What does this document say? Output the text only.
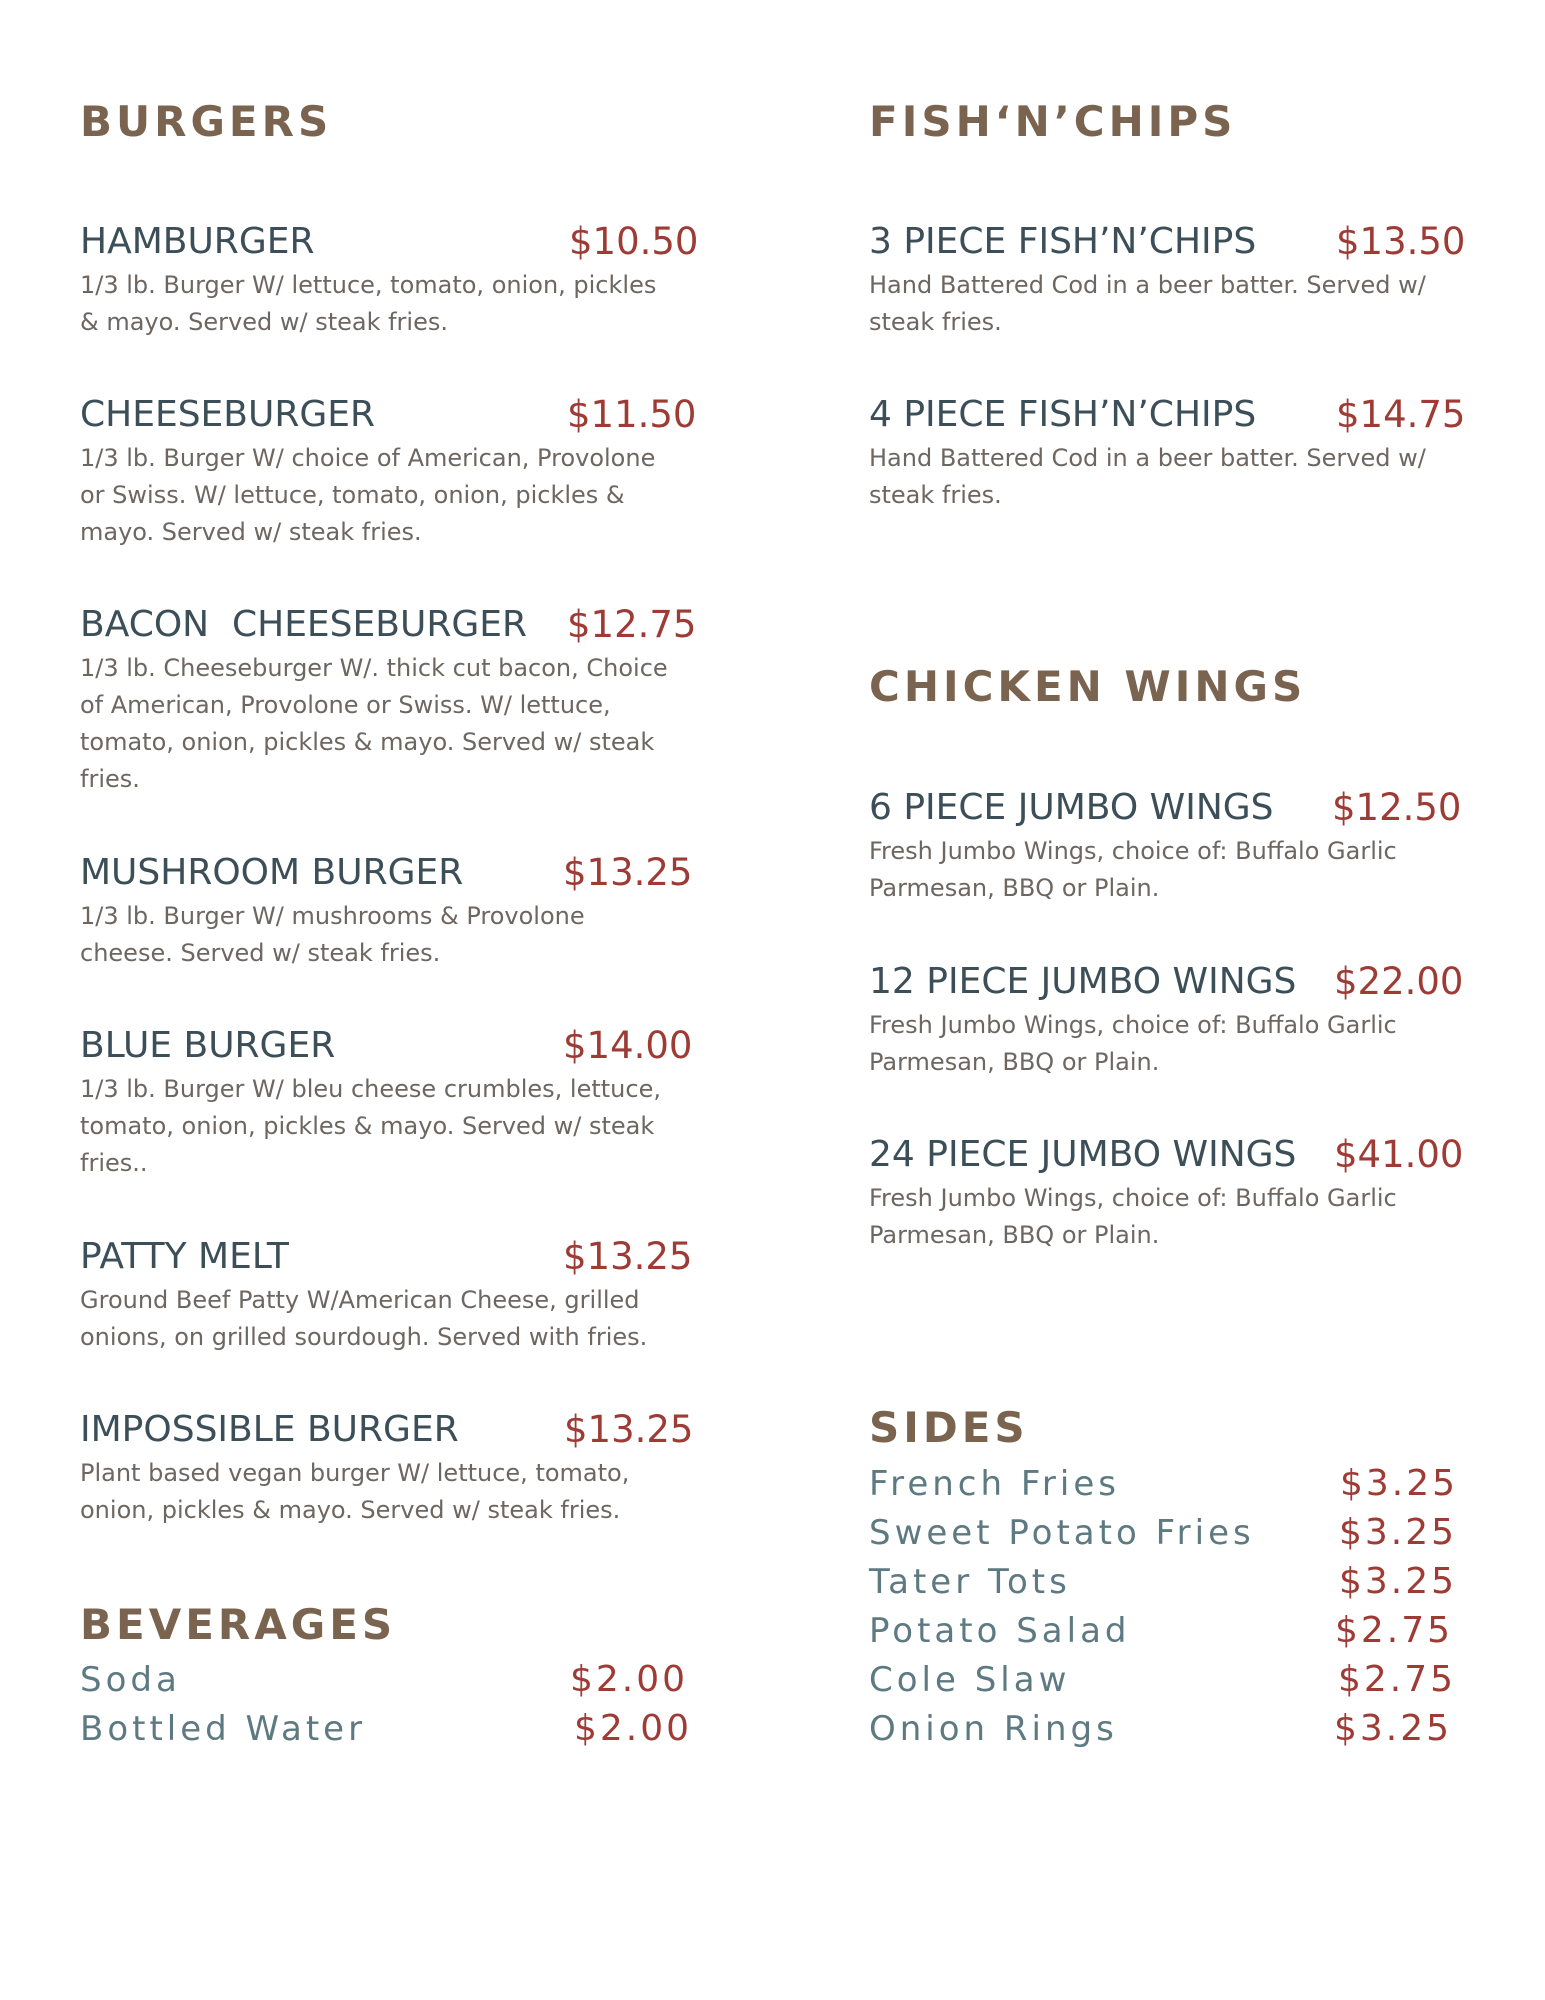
BURGERS
HAMBURGER	$10.50
1/3 lb. Burger W/ lettuce, tomato, onion, pickles & mayo. Served w/ steak fries.
CHEESEBURGER	$11.50
1/3 lb. Burger W/ choice of American, Provolone or Swiss. W/ lettuce, tomato, onion, pickles & mayo. Served w/ steak fries.
BACON  CHEESEBURGER $12.75
1/3 lb. Cheeseburger W/. thick cut bacon, Choice of American, Provolone or Swiss. W/ lettuce, tomato, onion, pickles & mayo. Served w/ steak fries.
MUSHROOM BURGER	$13.25
1/3 lb. Burger W/ mushrooms & Provolone cheese. Served w/ steak fries.
BLUE BURGER	$14.00
1/3 lb. Burger W/ bleu cheese crumbles, lettuce, tomato, onion, pickles & mayo. Served w/ steak fries..
PATTY MELT	$13.25
Ground Beef Patty W/American Cheese, grilled onions, on grilled sourdough. Served with fries.
IMPOSSIBLE BURGER	$13.25
Plant based vegan burger W/ lettuce, tomato, onion, pickles & mayo. Served w/ steak fries.
BEVERAGES
Soda	$2.00
Bottled Water	$2.00
FISH‘N’CHIPS
3 PIECE FISH’N’CHIPS $13.50
Hand Battered Cod in a beer batter. Served w/ steak fries.
4 PIECE FISH’N’CHIPS $14.75
Hand Battered Cod in a beer batter. Served w/ steak fries.
CHICKEN WINGS
6 PIECE JUMBO WINGS $12.50
Fresh Jumbo Wings, choice of: Buffalo Garlic Parmesan, BBQ or Plain.
12 PIECE JUMBO WINGS $22.00
Fresh Jumbo Wings, choice of: Buffalo Garlic Parmesan, BBQ or Plain.
24 PIECE JUMBO WINGS $41.00
Fresh Jumbo Wings, choice of: Buffalo Garlic Parmesan, BBQ or Plain.
SIDES
French Fries	$3.25
Sweet Potato Fries $3.25
Tater Tots	$3.25
Potato Salad	$2.75
Cole Slaw	$2.75
Onion Rings	$3.25
